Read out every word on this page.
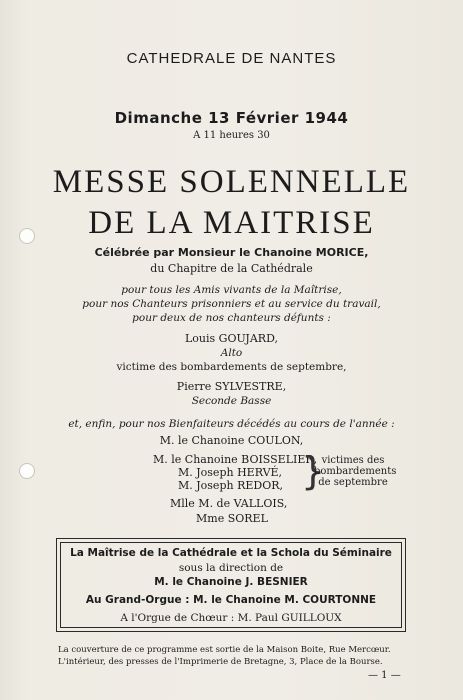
CATHEDRALE DE NANTES
Dimanche 13 Février 1944
A 11 heures 30
MESSE SOLENNELLE
DE LA MAITRISE
Célébrée par Monsieur le Chanoine MORICE,
du Chapitre de la Cathédrale
pour tous les Amis vivants de la Maîtrise,
pour nos Chanteurs prisonniers et au service du travail,
pour deux de nos chanteurs défunts :
Louis GOUJARD,
Alto
victime des bombardements de septembre,
Pierre SYLVESTRE,
Seconde Basse
et, enfin, pour nos Bienfaiteurs décédés au cours de l'année :
M. le Chanoine COULON,
M. le Chanoine BOISSELIER,
M. Joseph HERVÉ,
M. Joseph REDOR, }
victimes des bombardements de septembre
Mlle M. de VALLOIS,
Mme SOREL
La Maîtrise de la Cathédrale et la Schola du Séminaire
sous la direction de
M. le Chanoine J. BESNIER
Au Grand-Orgue : M. le Chanoine M. COURTONNE
A l'Orgue de Chœur : M. Paul GUILLOUX
La couverture de ce programme est sortie de la Maison Boite, Rue Mercœur.
L'intérieur, des presses de l'Imprimerie de Bretagne, 3, Place de la Bourse.
— 1 —
